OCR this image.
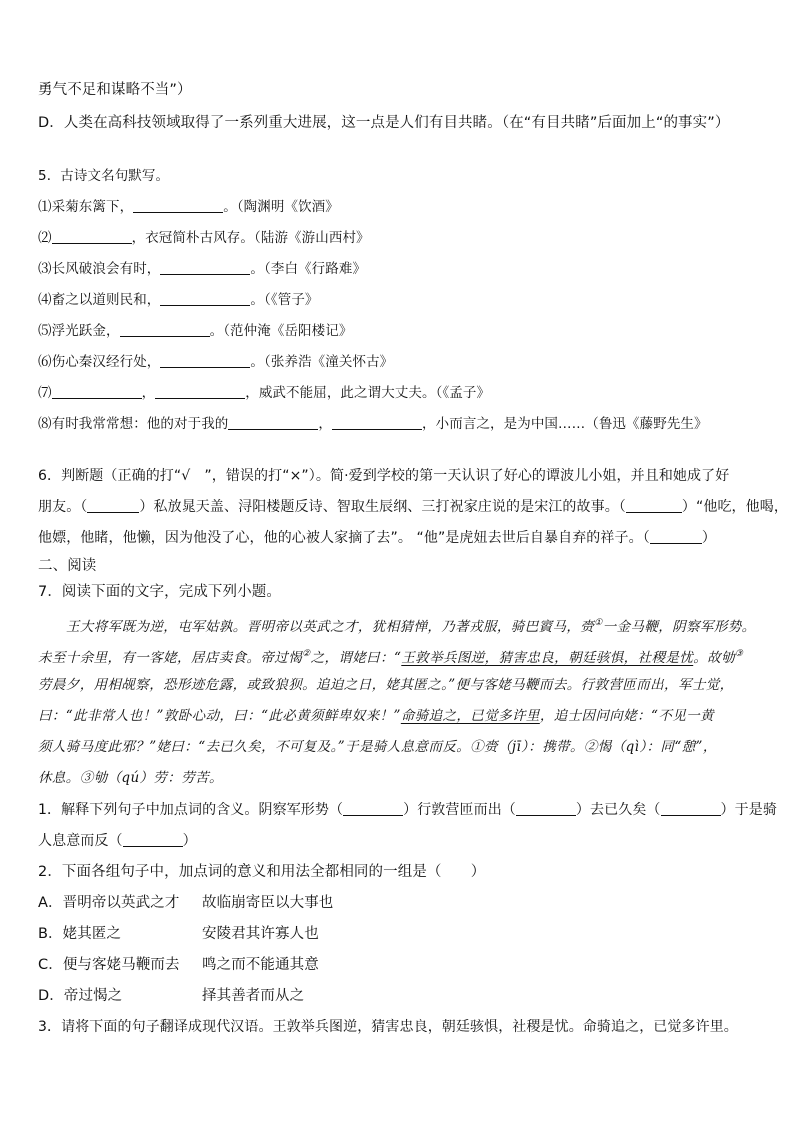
勇气不足和谋略不当”）
D．人类在高科技领域取得了一系列重大进展，这一点是人们有目共睹。（在“有目共睹”后面加上“的事实”）
5．古诗文名句默写。
⑴采菊东篱下，	。（陶渊明《饮酒》
⑵	，衣冠简朴古风存。（陆游《游山西村》
⑶长风破浪会有时，	。（李白《行路难》
⑷畜之以道则民和，	。（《管子》
⑸浮光跃金，	。（范仲淹《岳阳楼记》
⑹伤心秦汉经行处，	。（张养浩《潼关怀古》
⑺	，	，威武不能屈，此之谓大丈夫。（《孟子》
⑻有时我常常想：他的对于我的	，	，小而言之，是为中国……（鲁迅《藤野先生》
6．判断题（正确的打“√　”，错误的打“×”）。简·爱到学校的第一天认识了好心的谭波儿小姐，并且和她成了好
朋友。（	）私放晁天盖、浔阳楼题反诗、智取生辰纲、三打祝家庄说的是宋江的故事。（	）“他吃，他喝，
他嫖，他睹，他懒，因为他没了心，他的心被人家摘了去”。 “他”是虎妞去世后自暴自弃的祥子。（	）
二、阅读
7．阅读下面的文字，完成下列小题。
王大将军既为逆，屯军姑孰。晋明帝以英武之才，犹相猜惮，乃著戎服，骑巴賨马，赍①一金马鞭，阴察军形势。
未至十余里，有一客姥，居店卖食。帝过愒②之，谓姥曰：“王敦举兵图逆，猜害忠良，朝廷骇惧，社稷是忧。故劬③
劳晨夕，用相觇察，恐形迹危露，或致狼狈。追迫之日，姥其匿之。”便与客姥马鞭而去。行敦营匝而出，军士觉，
曰：“此非常人也！”敦卧心动，曰：“此必黄须鲜卑奴来！”命骑追之，已觉多许里，追士因问向姥：“不见一黄
须人骑马度此邪？”姥曰：“去已久矣，不可复及。”于是骑人息意而反。①赍（jī）：携带。②愒（qì）：同“憩”，
休息。③劬（qú）劳：劳苦。
1．解释下列句子中加点词的含义。阴察军形势（	）行敦营匝而出（	）去已久矣（	）于是骑
人息意而反（	）
2．下面各组句子中，加点词的意义和用法全都相同的一组是（　　）
A．晋明帝以英武之才 故临崩寄臣以大事也
B．姥其匿之	安陵君其许寡人也
C．便与客姥马鞭而去 鸣之而不能通其意
D．帝过愒之	择其善者而从之
3．请将下面的句子翻译成现代汉语。王敦举兵图逆，猜害忠良，朝廷骇惧，社稷是忧。命骑追之，已觉多许里。
